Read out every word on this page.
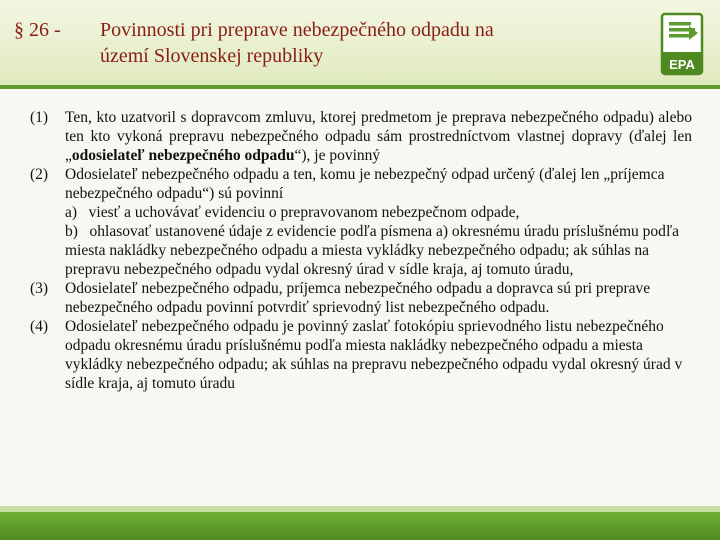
§ 26 - Povinnosti pri preprave nebezpečného odpadu na
území Slovenskej republiky	EPA
(1) Ten, kto uzatvoril s dopravcom zmluvu, ktorej predmetom je preprava nebezpečného odpadu) alebo ten kto vykoná prepravu nebezpečného odpadu sám prostredníctvom vlastnej dopravy (ďalej len „odosielateľ nebezpečného odpadu“), je povinný
(2) Odosielateľ nebezpečného odpadu a ten, komu je nebezpečný odpad určený (ďalej len „príjemca nebezpečného odpadu“) sú povinní
a)   viesť a uchovávať evidenciu o prepravovanom nebezpečnom odpade,
b)   ohlasovať ustanovené údaje z evidencie podľa písmena a) okresnému úradu príslušnému podľa miesta nakládky nebezpečného odpadu a miesta vykládky nebezpečného odpadu; ak súhlas na prepravu nebezpečného odpadu vydal okresný úrad v sídle kraja, aj tomuto úradu,
(3) Odosielateľ nebezpečného odpadu, príjemca nebezpečného odpadu a dopravca sú pri preprave nebezpečného odpadu povinní potvrdiť sprievodný list nebezpečného odpadu.
(4) Odosielateľ nebezpečného odpadu je povinný zaslať fotokópiu sprievodného listu nebezpečného odpadu okresnému úradu príslušnému podľa miesta nakládky nebezpečného odpadu a miesta vykládky nebezpečného odpadu; ak súhlas na prepravu nebezpečného odpadu vydal okresný úrad v sídle kraja, aj tomuto úradu
